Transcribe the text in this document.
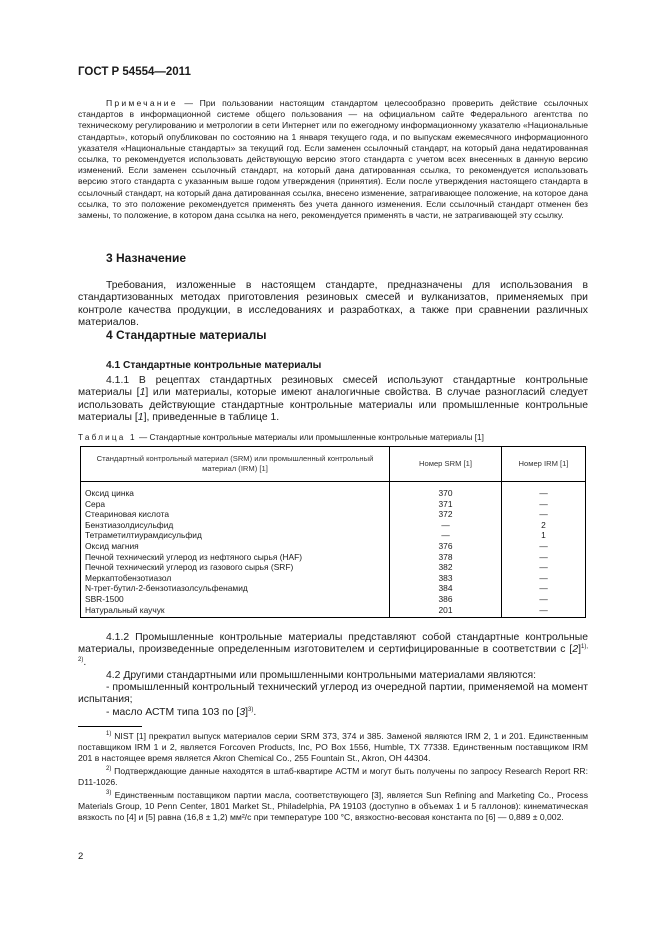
ГОСТ Р 54554—2011
Примечание — При пользовании настоящим стандартом целесообразно проверить действие ссылочных стандартов в информационной системе общего пользования — на официальном сайте Федерального агентства по техническому регулированию и метрологии в сети Интернет или по ежегодному информационному указателю «Национальные стандарты», который опубликован по состоянию на 1 января текущего года, и по выпускам ежемесячного информационного указателя «Национальные стандарты» за текущий год. Если заменен ссылочный стандарт, на который дана недатированная ссылка, то рекомендуется использовать действующую версию этого стандарта с учетом всех внесенных в данную версию изменений. Если заменен ссылочный стандарт, на который дана датированная ссылка, то рекомендуется использовать версию этого стандарта с указанным выше годом утверждения (принятия). Если после утверждения настоящего стандарта в ссылочный стандарт, на который дана датированная ссылка, внесено изменение, затрагивающее положение, на которое дана ссылка, то это положение рекомендуется применять без учета данного изменения. Если ссылочный стандарт отменен без замены, то положение, в котором дана ссылка на него, рекомендуется применять в части, не затрагивающей эту ссылку.
3 Назначение
Требования, изложенные в настоящем стандарте, предназначены для использования в стандартизованных методах приготовления резиновых смесей и вулканизатов, применяемых при контроле качества продукции, в исследованиях и разработках, а также при сравнении различных материалов.
4 Стандартные материалы
4.1 Стандартные контрольные материалы
4.1.1 В рецептах стандартных резиновых смесей используют стандартные контрольные материалы [1] или материалы, которые имеют аналогичные свойства. В случае разногласий следует использовать действующие стандартные контрольные материалы или промышленные контрольные материалы [1], приведенные в таблице 1.
Таблица 1 — Стандартные контрольные материалы или промышленные контрольные материалы [1]
Стандартный контрольный материал (SRM) или промышленный контрольный материал (IRM) [1]	Номер SRM [1]	Номер IRM [1]
Оксид цинка	370	—
Сера	371	—
Стеариновая кислота	372	—
Бензтиазолдисульфид	—	2
Тетраметилтиурамдисульфид	—	1
Оксид магния	376	—
Печной технический углерод из нефтяного сырья (HAF)	378	—
Печной технический углерод из газового сырья (SRF)	382	—
Меркаптобензотиазол	383	—
N-трет-бутил-2-бензотиазолсульфенамид	384	—
SBR-1500	386	—
Натуральный каучук	201	—
4.1.2 Промышленные контрольные материалы представляют собой стандартные контрольные материалы, произведенные определенным изготовителем и сертифицированные в соответствии с $[2]^{1), 2)}$.
4.2 Другими стандартными или промышленными контрольными материалами являются:
- промышленный контрольный технический углерод из очередной партии, применяемой на момент испытания;
- масло АСТМ типа 103 по $[3]^{3)}$.
$^{1)}$ NIST [1] прекратил выпуск материалов серии SRM 373, 374 и 385. Заменой являются IRM 2, 1 и 201. Единственным поставщиком IRM 1 и 2, является Forcoven Products, Inc, PO Box 1556, Humble, TX 77338. Единственным поставщиком IRM 201 в настоящее время является Akron Chemical Co., 255 Fountain St., Akron, OH 44304.
$^{2)}$ Подтверждающие данные находятся в штаб-квартире АСТМ и могут быть получены по запросу Research Report RR: D11-1026.
$^{3)}$ Единственным поставщиком партии масла, соответствующего [3], является Sun Refining and Marketing Co., Process Materials Group, 10 Penn Center, 1801 Market St., Philadelphia, PA 19103 (доступно в объемах 1 и 5 галлонов): кинематическая вязкость по [4] и [5] равна (16,8 ± 1,2) мм²/с при температуре 100 °С, вязкостно-весовая константа по [6] — 0,889 ± 0,002.
2
